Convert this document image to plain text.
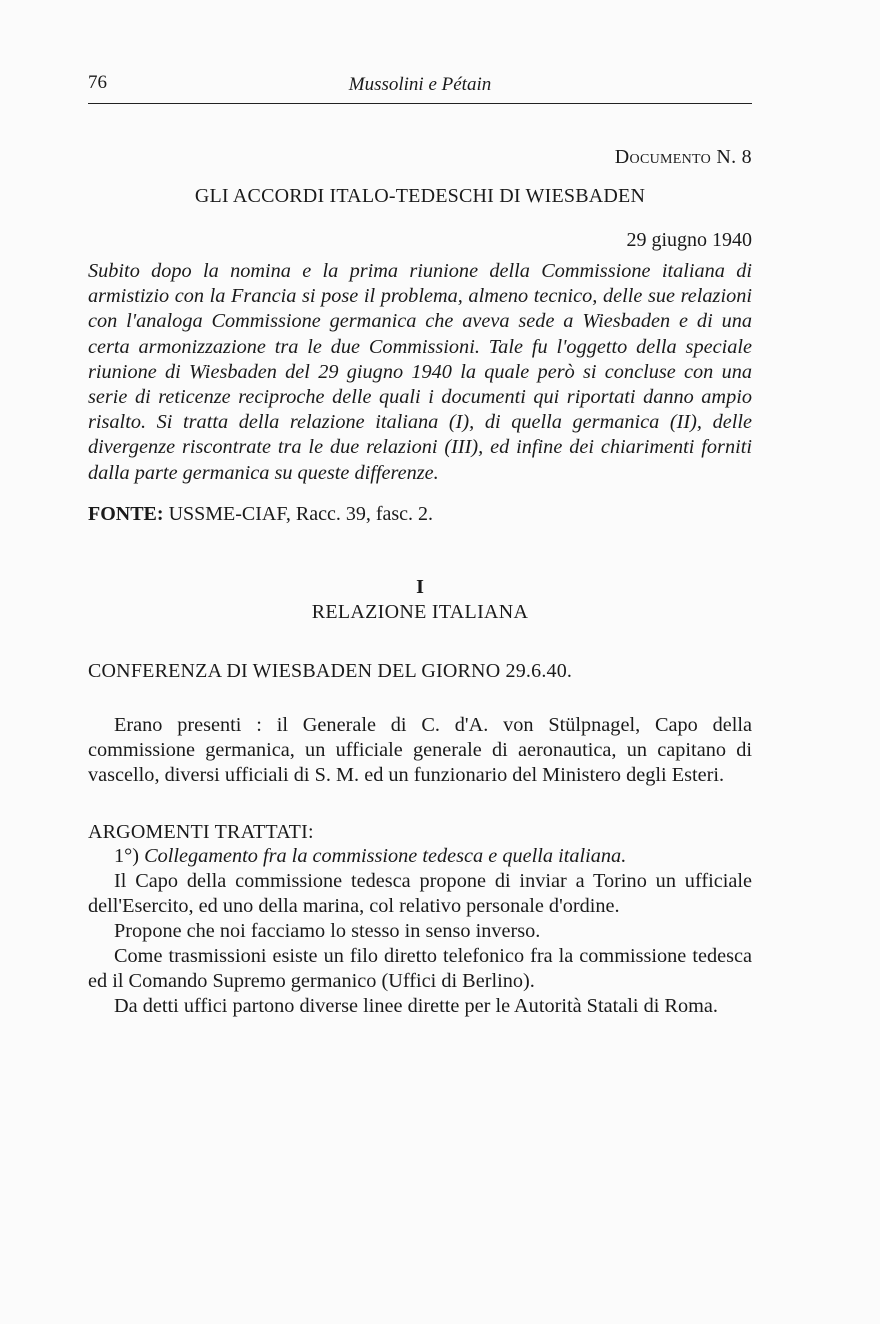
76	Mussolini e Pétain
Documento N. 8
GLI ACCORDI ITALO-TEDESCHI DI WIESBADEN
29 giugno 1940
Subito dopo la nomina e la prima riunione della Commissione italiana di armistizio con la Francia si pose il problema, almeno tecnico, delle sue relazioni con l'analoga Commissione germanica che aveva sede a Wiesbaden e di una certa armonizzazione tra le due Commissioni. Tale fu l'oggetto della speciale riunione di Wiesbaden del 29 giugno 1940 la quale però si concluse con una serie di reticenze reciproche delle quali i documenti qui riportati danno ampio risalto. Si tratta della relazione italiana (I), di quella germanica (II), delle divergenze riscontrate tra le due relazioni (III), ed infine dei chiarimenti forniti dalla parte germanica su queste differenze.
FONTE: USSME-CIAF, Racc. 39, fasc. 2.
I
RELAZIONE ITALIANA
CONFERENZA DI WIESBADEN DEL GIORNO 29.6.40.

Erano presenti : il Generale di C. d'A. von Stülpnagel, Capo della commissione germanica, un ufficiale generale di aeronautica, un capitano di vascello, diversi ufficiali di S. M. ed un funzionario del Ministero degli Esteri.

ARGOMENTI TRATTATI:

1°) Collegamento fra la commissione tedesca e quella italiana.

Il Capo della commissione tedesca propone di inviar a Torino un ufficiale dell'Esercito, ed uno della marina, col relativo personale d'ordine.

Propone che noi facciamo lo stesso in senso inverso.

Come trasmissioni esiste un filo diretto telefonico fra la commissione tedesca ed il Comando Supremo germanico (Uffici di Berlino).

Da detti uffici partono diverse linee dirette per le Autorità Statali di Roma.
